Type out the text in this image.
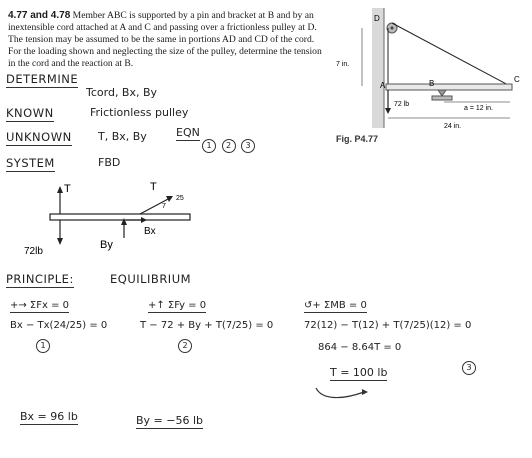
4.77 and 4.78 Member ABC is supported by a pin and bracket at B and by an inextensible cord attached at A and C and passing over a frictionless pulley at D. The tension may be assumed to be the same in portions AD and CD of the cord. For the loading shown and neglecting the size of the pulley, determine the tension in the cord and the reaction at B.
D
A	B	C
7 in.
72 lb
a = 12 in.
24 in.
Fig. P4.77
DETERMINE
Tcord, Bx, By
KNOWN	Frictionless pulley
UNKNOWN T, Bx, By	EQN
1 2 3
SYSTEM	FBD
T	T
7
25
72lb
By
Bx
PRINCIPLE:	EQUILIBRIUM
+→ ΣFx = 0
Bx − Tx(24/25) = 0
1
+↑ ΣFy = 0
T − 72 + By + T(7/25) = 0
2
↺+ ΣMB = 0
72(12) − T(12) + T(7/25)(12) = 0
864 − 8.64T = 0
T = 100 lb	3
Bx = 96 lb	By = −56 lb
